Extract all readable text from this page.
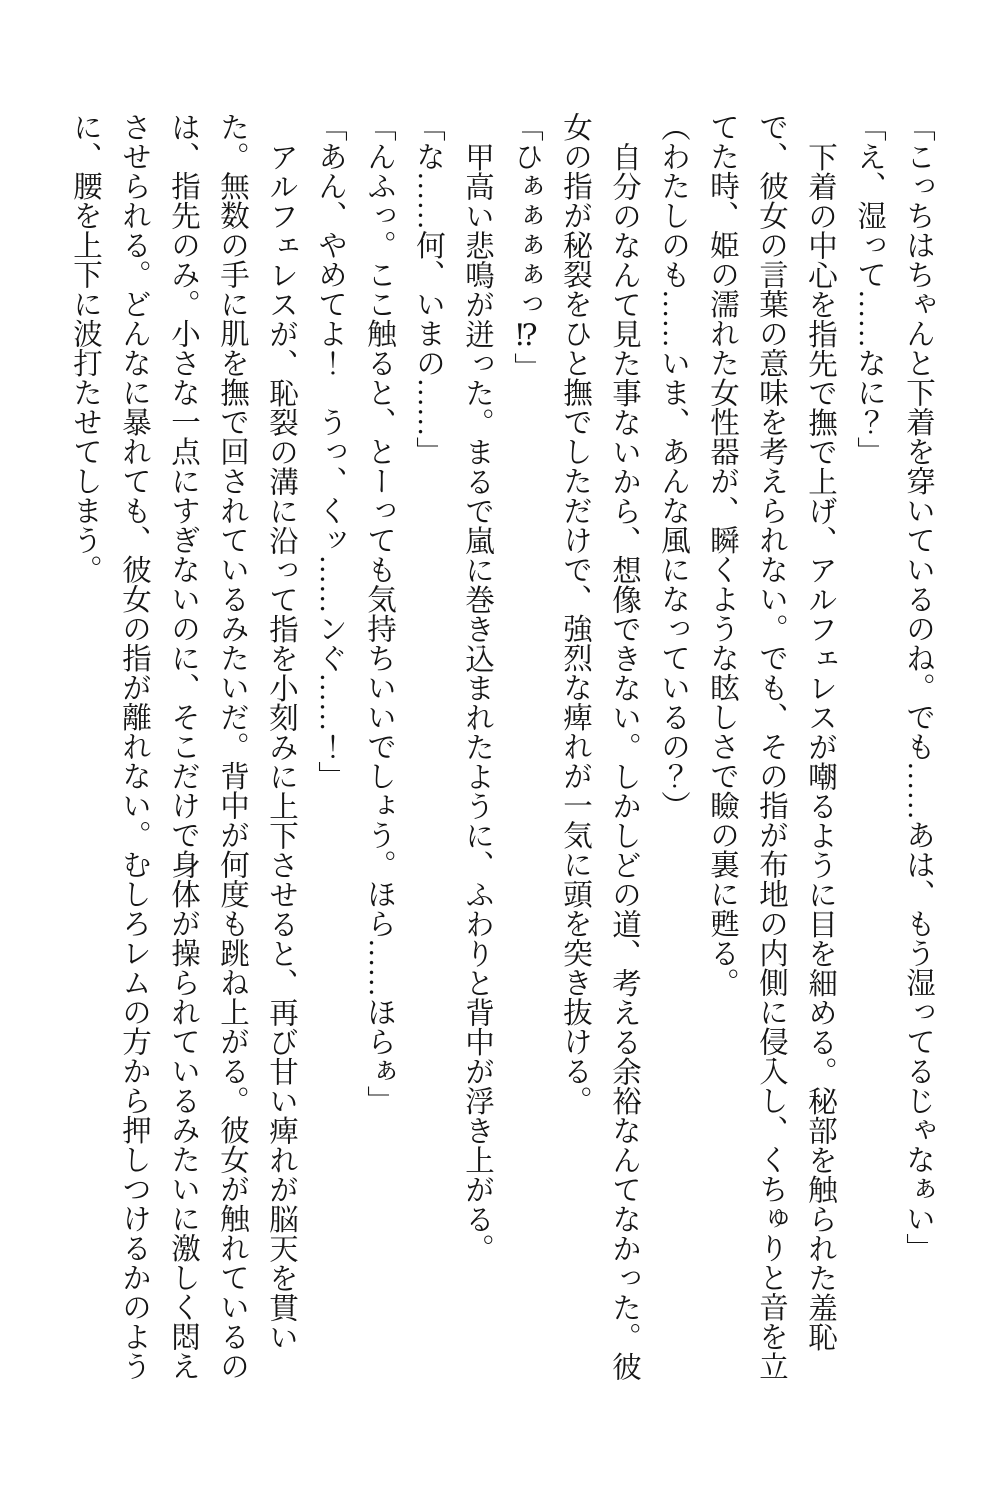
「こっちはちゃんと下着を穿いているのね。でも……あは、もう湿ってるじゃなぁい」

「え、湿って……なに？」

下着の中心を指先で撫で上げ、アルフェレスが嘲るように目を細める。秘部を触られた羞恥で、彼女の言葉の意味を考えられない。でも、その指が布地の内側に侵入し、くちゅりと音を立てた時、姫の濡れた女性器が、瞬くような眩しさで瞼の裏に甦る。

（わたしのも……いま、あんな風になっているの？）

自分のなんて見た事ないから、想像できない。しかしどの道、考える余裕なんてなかった。彼女の指が秘裂をひと撫でしただけで、強烈な痺れが一気に頭を突き抜ける。

「ひぁぁぁぁっ⁉」

甲高い悲鳴が迸った。まるで嵐に巻き込まれたように、ふわりと背中が浮き上がる。

「な……何、いまの……」

「んふっ。ここ触ると、とーっても気持ちいいでしょう。ほら……ほらぁ」

「あん、やめてよ！　うっ、くッ……ンぐ……！」

アルフェレスが、恥裂の溝に沿って指を小刻みに上下させると、再び甘い痺れが脳天を貫いた。無数の手に肌を撫で回されているみたいだ。背中が何度も跳ね上がる。彼女が触れているのは、指先のみ。小さな一点にすぎないのに、そこだけで身体が操られているみたいに激しく悶えさせられる。どんなに暴れても、彼女の指が離れない。むしろレムの方から押しつけるかのように、腰を上下に波打たせてしまう。
